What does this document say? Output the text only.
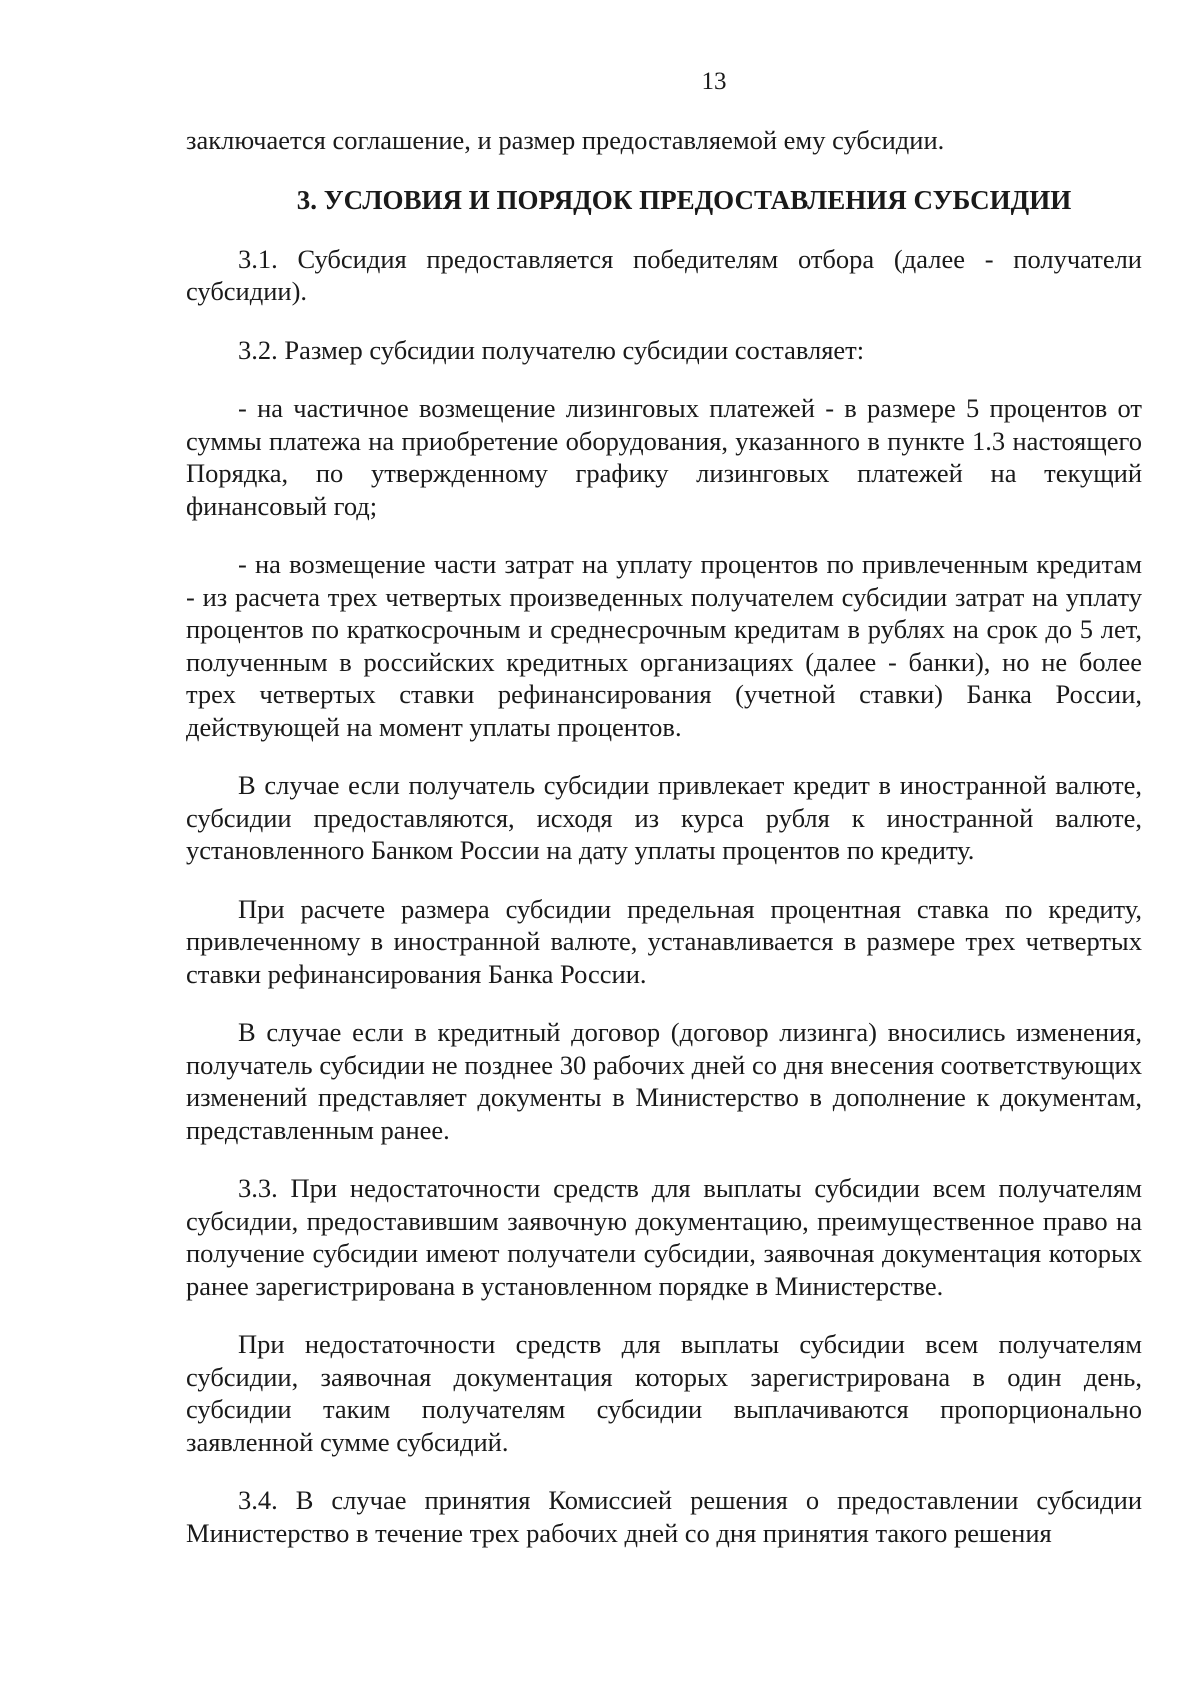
13

заключается соглашение, и размер предоставляемой ему субсидии.

3. УСЛОВИЯ И ПОРЯДОК ПРЕДОСТАВЛЕНИЯ СУБСИДИИ

3.1. Субсидия предоставляется победителям отбора (далее - получатели субсидии).

3.2. Размер субсидии получателю субсидии составляет:

- на частичное возмещение лизинговых платежей - в размере 5 процентов от суммы платежа на приобретение оборудования, указанного в пункте 1.3 настоящего Порядка, по утвержденному графику лизинговых платежей на текущий финансовый год;

- на возмещение части затрат на уплату процентов по привлеченным кредитам - из расчета трех четвертых произведенных получателем субсидии затрат на уплату процентов по краткосрочным и среднесрочным кредитам в рублях на срок до 5 лет, полученным в российских кредитных организациях (далее - банки), но не более трех четвертых ставки рефинансирования (учетной ставки) Банка России, действующей на момент уплаты процентов.

В случае если получатель субсидии привлекает кредит в иностранной валюте, субсидии предоставляются, исходя из курса рубля к иностранной валюте, установленного Банком России на дату уплаты процентов по кредиту.

При расчете размера субсидии предельная процентная ставка по кредиту, привлеченному в иностранной валюте, устанавливается в размере трех четвертых ставки рефинансирования Банка России.

В случае если в кредитный договор (договор лизинга) вносились изменения, получатель субсидии не позднее 30 рабочих дней со дня внесения соответствующих изменений представляет документы в Министерство в дополнение к документам, представленным ранее.

3.3. При недостаточности средств для выплаты субсидии всем получателям субсидии, предоставившим заявочную документацию, преимущественное право на получение субсидии имеют получатели субсидии, заявочная документация которых ранее зарегистрирована в установленном порядке в Министерстве.

При недостаточности средств для выплаты субсидии всем получателям субсидии, заявочная документация которых зарегистрирована в один день, субсидии таким получателям субсидии выплачиваются пропорционально заявленной сумме субсидий.

3.4. В случае принятия Комиссией решения о предоставлении субсидии Министерство в течение трех рабочих дней со дня принятия такого решения
